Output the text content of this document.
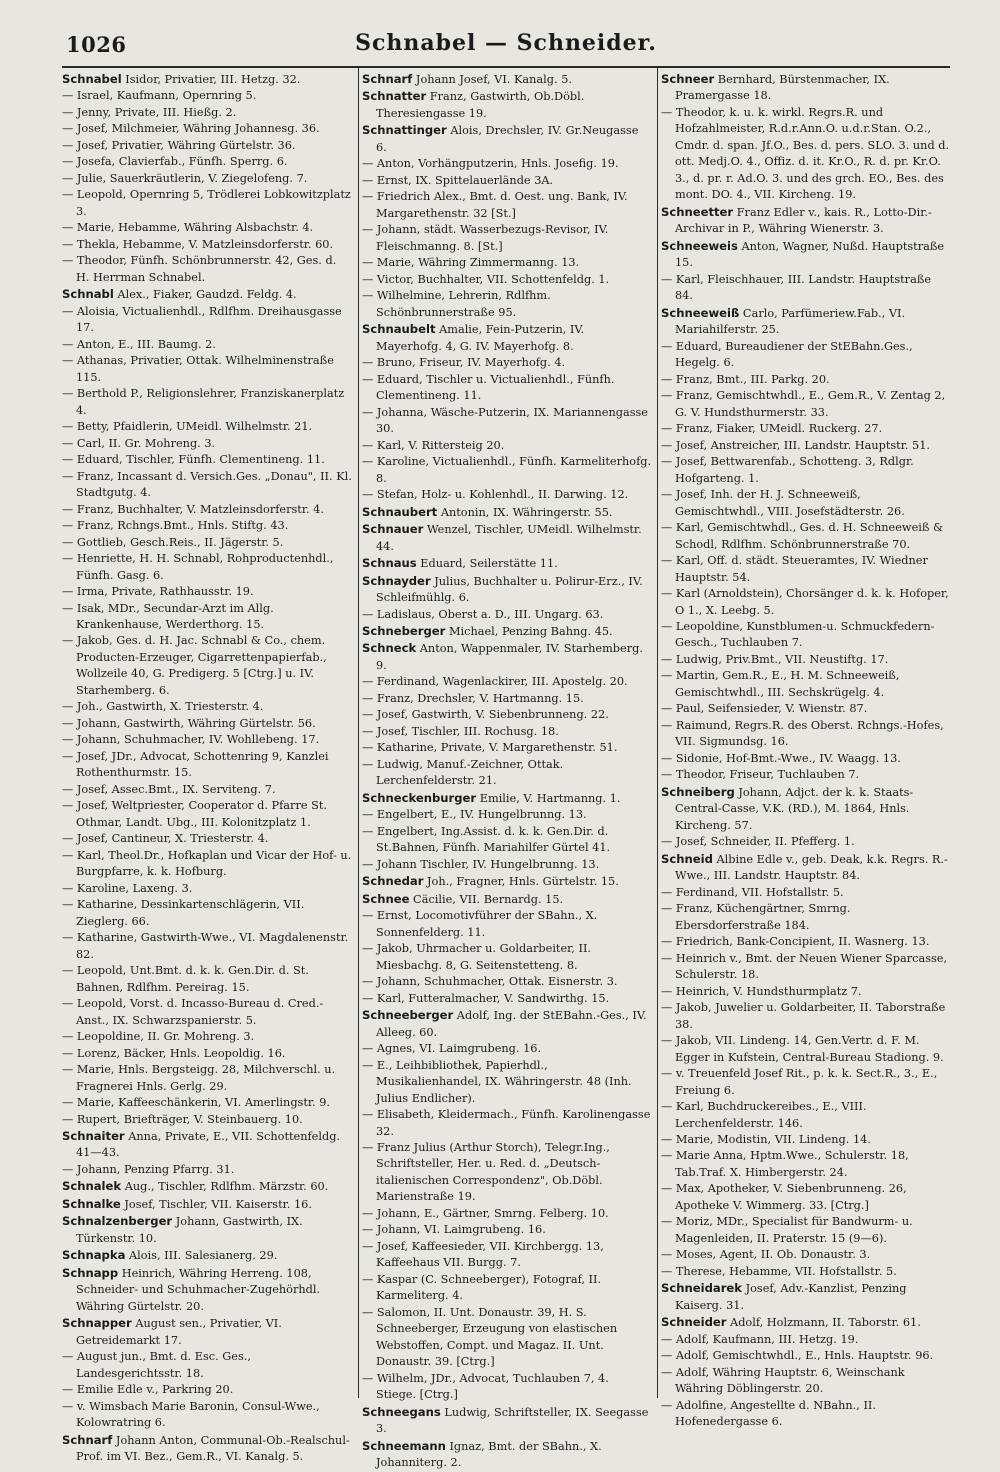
1026	Schnabel — Schneider.

Schnabel Isidor, Privatier, III. Hetzg. 32.

— Israel, Kaufmann, Opernring 5.

— Jenny, Private, III. Hießg. 2.

— Josef, Milchmeier, Währing Johannesg. 36.

— Josef, Privatier, Währing Gürtelstr. 36.

— Josefa, Clavierfab., Fünfh. Sperrg. 6.

— Julie, Sauerkräutlerin, V. Ziegelofeng. 7.

— Leopold, Opernring 5, Trödlerei Lobkowitzplatz 3.

— Marie, Hebamme, Währing Alsbachstr. 4.

— Thekla, Hebamme, V. Matzleinsdorferstr. 60.

— Theodor, Fünfh. Schönbrunnerstr. 42, Ges. d. H. Herrman Schnabel.

Schnabl Alex., Fiaker, Gaudzd. Feldg. 4.

— Aloisia, Victualienhdl., Rdlfhm. Dreihausgasse 17.

— Anton, E., III. Baumg. 2.

— Athanas, Privatier, Ottak. Wilhelminenstraße 115.

— Berthold P., Religionslehrer, Franziskanerplatz 4.

— Betty, Pfaidlerin, UMeidl. Wilhelmstr. 21.

— Carl, II. Gr. Mohreng. 3.

— Eduard, Tischler, Fünfh. Clementineng. 11.

— Franz, Incassant d. Versich.Ges. „Donau", II. Kl. Stadtgutg. 4.

— Franz, Buchhalter, V. Matzleinsdorferstr. 4.

— Franz, Rchngs.Bmt., Hnls. Stiftg. 43.

— Gottlieb, Gesch.Reis., II. Jägerstr. 5.

— Henriette, H. H. Schnabl, Rohproductenhdl., Fünfh. Gasg. 6.

— Irma, Private, Rathhausstr. 19.

— Isak, MDr., Secundar-Arzt im Allg. Krankenhause, Werderthorg. 15.

— Jakob, Ges. d. H. Jac. Schnabl & Co., chem. Producten-Erzeuger, Cigarrettenpapierfab., Wollzeile 40, G. Predigerg. 5 [Ctrg.] u. IV. Starhemberg. 6.

— Joh., Gastwirth, X. Triesterstr. 4.

— Johann, Gastwirth, Währing Gürtelstr. 56.

— Johann, Schuhmacher, IV. Wohllebeng. 17.

— Josef, JDr., Advocat, Schottenring 9, Kanzlei Rothenthurmstr. 15.

— Josef, Assec.Bmt., IX. Serviteng. 7.

— Josef, Weltpriester, Cooperator d. Pfarre St. Othmar, Landt. Ubg., III. Kolonitzplatz 1.

— Josef, Cantineur, X. Triesterstr. 4.

— Karl, Theol.Dr., Hofkaplan und Vicar der Hof- u. Burgpfarre, k. k. Hofburg.

— Karoline, Laxeng. 3.

— Katharine, Dessinkartenschlägerin, VII. Zieglerg. 66.

— Katharine, Gastwirth-Wwe., VI. Magdalenenstr. 82.

— Leopold, Unt.Bmt. d. k. k. Gen.Dir. d. St. Bahnen, Rdlfhm. Pereirag. 15.

— Leopold, Vorst. d. Incasso-Bureau d. Cred.-Anst., IX. Schwarzspanierstr. 5.

— Leopoldine, II. Gr. Mohreng. 3.

— Lorenz, Bäcker, Hnls. Leopoldig. 16.

— Marie, Hnls. Bergsteigg. 28, Milchverschl. u. Fragnerei Hnls. Gerlg. 29.

— Marie, Kaffeeschänkerin, VI. Amerlingstr. 9.

— Rupert, Briefträger, V. Steinbauerg. 10.

Schnaiter Anna, Private, E., VII. Schottenfeldg. 41—43.

— Johann, Penzing Pfarrg. 31.

Schnalek Aug., Tischler, Rdlfhm. Märzstr. 60.

Schnalke Josef, Tischler, VII. Kaiserstr. 16.

Schnalzenberger Johann, Gastwirth, IX. Türkenstr. 10.

Schnapka Alois, III. Salesianerg. 29.

Schnapp Heinrich, Währing Herreng. 108, Schneider- und Schuhmacher-Zugehörhdl. Währing Gürtelstr. 20.

Schnapper August sen., Privatier, VI. Getreidemarkt 17.

— August jun., Bmt. d. Esc. Ges., Landesgerichtsstr. 18.

— Emilie Edle v., Parkring 20.

— v. Wimsbach Marie Baronin, Consul-Wwe., Kolowratring 6.

Schnarf Johann Anton, Communal-Ob.-Realschul-Prof. im VI. Bez., Gem.R., VI. Kanalg. 5.

Schnarf Johann Josef, VI. Kanalg. 5.

Schnatter Franz, Gastwirth, Ob.Döbl. Theresiengasse 19.

Schnattinger Alois, Drechsler, IV. Gr.Neugasse 6.

— Anton, Vorhängputzerin, Hnls. Josefig. 19.

— Ernst, IX. Spittelauerlände 3A.

— Friedrich Alex., Bmt. d. Oest. ung. Bank, IV. Margarethenstr. 32 [St.]

— Johann, städt. Wasserbezugs-Revisor, IV. Fleischmanng. 8. [St.]

— Marie, Währing Zimmermanng. 13.

— Victor, Buchhalter, VII. Schottenfeldg. 1.

— Wilhelmine, Lehrerin, Rdlfhm. Schönbrunnerstraße 95.

Schnaubelt Amalie, Fein-Putzerin, IV. Mayerhofg. 4, G. IV. Mayerhofg. 8.

— Bruno, Friseur, IV. Mayerhofg. 4.

— Eduard, Tischler u. Victualienhdl., Fünfh. Clementineng. 11.

— Johanna, Wäsche-Putzerin, IX. Mariannengasse 30.

— Karl, V. Rittersteig 20.

— Karoline, Victualienhdl., Fünfh. Karmeliterhofg. 8.

— Stefan, Holz- u. Kohlenhdl., II. Darwing. 12.

Schnaubert Antonin, IX. Währingerstr. 55.

Schnauer Wenzel, Tischler, UMeidl. Wilhelmstr. 44.

Schnaus Eduard, Seilerstätte 11.

Schnayder Julius, Buchhalter u. Polirur-Erz., IV. Schleifmühlg. 6.

— Ladislaus, Oberst a. D., III. Ungarg. 63.

Schneberger Michael, Penzing Bahng. 45.

Schneck Anton, Wappenmaler, IV. Starhemberg. 9.

— Ferdinand, Wagenlackirer, III. Apostelg. 20.

— Franz, Drechsler, V. Hartmanng. 15.

— Josef, Gastwirth, V. Siebenbrunneng. 22.

— Josef, Tischler, III. Rochusg. 18.

— Katharine, Private, V. Margarethenstr. 51.

— Ludwig, Manuf.-Zeichner, Ottak. Lerchenfelderstr. 21.

Schneckenburger Emilie, V. Hartmanng. 1.

— Engelbert, E., IV. Hungelbrunng. 13.

— Engelbert, Ing.Assist. d. k. k. Gen.Dir. d. St.Bahnen, Fünfh. Mariahilfer Gürtel 41.

— Johann Tischler, IV. Hungelbrunng. 13.

Schnedar Joh., Fragner, Hnls. Gürtelstr. 15.

Schnee Cäcilie, VII. Bernardg. 15.

— Ernst, Locomotivführer der SBahn., X. Sonnenfelderg. 11.

— Jakob, Uhrmacher u. Goldarbeiter, II. Miesbachg. 8, G. Seitenstetteng. 8.

— Johann, Schuhmacher, Ottak. Eisnerstr. 3.

— Karl, Futteralmacher, V. Sandwirthg. 15.

Schneeberger Adolf, Ing. der StEBahn.-Ges., IV. Alleeg. 60.

— Agnes, VI. Laimgrubeng. 16.

— E., Leihbibliothek, Papierhdl., Musikalienhandel, IX. Währingerstr. 48 (Inh. Julius Endlicher).

— Elisabeth, Kleidermach., Fünfh. Karolinengasse 32.

— Franz Julius (Arthur Storch), Telegr.Ing., Schriftsteller, Her. u. Red. d. „Deutsch-italienischen Correspondenz", Ob.Döbl. Marienstraße 19.

— Johann, E., Gärtner, Smrng. Felberg. 10.

— Johann, VI. Laimgrubeng. 16.

— Josef, Kaffeesieder, VII. Kirchbergg. 13, Kaffeehaus VII. Burgg. 7.

— Kaspar (C. Schneeberger), Fotograf, II. Karmeliterg. 4.

— Salomon, II. Unt. Donaustr. 39, H. S. Schneeberger, Erzeugung von elastischen Webstoffen, Compt. und Magaz. II. Unt. Donaustr. 39. [Ctrg.]

— Wilhelm, JDr., Advocat, Tuchlauben 7, 4. Stiege. [Ctrg.]

Schneegans Ludwig, Schriftsteller, IX. Seegasse 3.

Schneemann Ignaz, Bmt. der SBahn., X. Johanniterg. 2.

Schneer Bernhard, Bürstenmacher, IX. Pramergasse 18.

— Theodor, k. u. k. wirkl. Regrs.R. und Hofzahlmeister, R.d.r.Ann.O. u.d.r.Stan. O.2., Cmdr. d. span. Jf.O., Bes. d. pers. SLO. 3. und d. ott. Medj.O. 4., Offiz. d. it. Kr.O., R. d. pr. Kr.O. 3., d. pr. r. Ad.O. 3. und des grch. EO., Bes. des mont. DO. 4., VII. Kircheng. 19.

Schneetter Franz Edler v., kais. R., Lotto-Dir.-Archivar in P., Währing Wienerstr. 3.

Schneeweis Anton, Wagner, Nußd. Hauptstraße 15.

— Karl, Fleischhauer, III. Landstr. Hauptstraße 84.

Schneeweiß Carlo, Parfümeriew.Fab., VI. Mariahilferstr. 25.

— Eduard, Bureaudiener der StEBahn.Ges., Hegelg. 6.

— Franz, Bmt., III. Parkg. 20.

— Franz, Gemischtwhdl., E., Gem.R., V. Zentag 2, G. V. Hundsthurmerstr. 33.

— Franz, Fiaker, UMeidl. Ruckerg. 27.

— Josef, Anstreicher, III. Landstr. Hauptstr. 51.

— Josef, Bettwarenfab., Schotteng. 3, Rdlgr. Hofgarteng. 1.

— Josef, Inh. der H. J. Schneeweiß, Gemischtwhdl., VIII. Josefstädterstr. 26.

— Karl, Gemischtwhdl., Ges. d. H. Schneeweiß & Schodl, Rdlfhm. Schönbrunnerstraße 70.

— Karl, Off. d. städt. Steueramtes, IV. Wiedner Hauptstr. 54.

— Karl (Arnoldstein), Chorsänger d. k. k. Hofoper, O 1., X. Leebg. 5.

— Leopoldine, Kunstblumen-u. Schmuckfedern-Gesch., Tuchlauben 7.

— Ludwig, Priv.Bmt., VII. Neustiftg. 17.

— Martin, Gem.R., E., H. M. Schneeweiß, Gemischtwhdl., III. Sechskrügelg. 4.

— Paul, Seifensieder, V. Wienstr. 87.

— Raimund, Regrs.R. des Oberst. Rchngs.-Hofes, VII. Sigmundsg. 16.

— Sidonie, Hof-Bmt.-Wwe., IV. Waagg. 13.

— Theodor, Friseur, Tuchlauben 7.

Schneiberg Johann, Adjct. der k. k. Staats-Central-Casse, V.K. (RD.), M. 1864, Hnls. Kircheng. 57.

— Josef, Schneider, II. Pfefferg. 1.

Schneid Albine Edle v., geb. Deak, k.k. Regrs. R.-Wwe., III. Landstr. Hauptstr. 84.

— Ferdinand, VII. Hofstallstr. 5.

— Franz, Küchengärtner, Smrng. Ebersdorferstraße 184.

— Friedrich, Bank-Concipient, II. Wasnerg. 13.

— Heinrich v., Bmt. der Neuen Wiener Sparcasse, Schulerstr. 18.

— Heinrich, V. Hundsthurmplatz 7.

— Jakob, Juwelier u. Goldarbeiter, II. Taborstraße 38.

— Jakob, VII. Lindeng. 14, Gen.Vertr. d. F. M. Egger in Kufstein, Central-Bureau Stadiong. 9.

— v. Treuenfeld Josef Rit., p. k. k. Sect.R., 3., E., Freiung 6.

— Karl, Buchdruckereibes., E., VIII. Lerchenfelderstr. 146.

— Marie, Modistin, VII. Lindeng. 14.

— Marie Anna, Hptm.Wwe., Schulerstr. 18, Tab.Traf. X. Himbergerstr. 24.

— Max, Apotheker, V. Siebenbrunneng. 26, Apotheke V. Wimmerg. 33. [Ctrg.]

— Moriz, MDr., Specialist für Bandwurm- u. Magenleiden, II. Praterstr. 15 (9—6).

— Moses, Agent, II. Ob. Donaustr. 3.

— Therese, Hebamme, VII. Hofstallstr. 5.

Schneidarek Josef, Adv.-Kanzlist, Penzing Kaiserg. 31.

Schneider Adolf, Holzmann, II. Taborstr. 61.

— Adolf, Kaufmann, III. Hetzg. 19.

— Adolf, Gemischtwhdl., E., Hnls. Hauptstr. 96.

— Adolf, Währing Hauptstr. 6, Weinschank Währing Döblingerstr. 20.

— Adolfine, Angestellte d. NBahn., II. Hofenedergasse 6.
